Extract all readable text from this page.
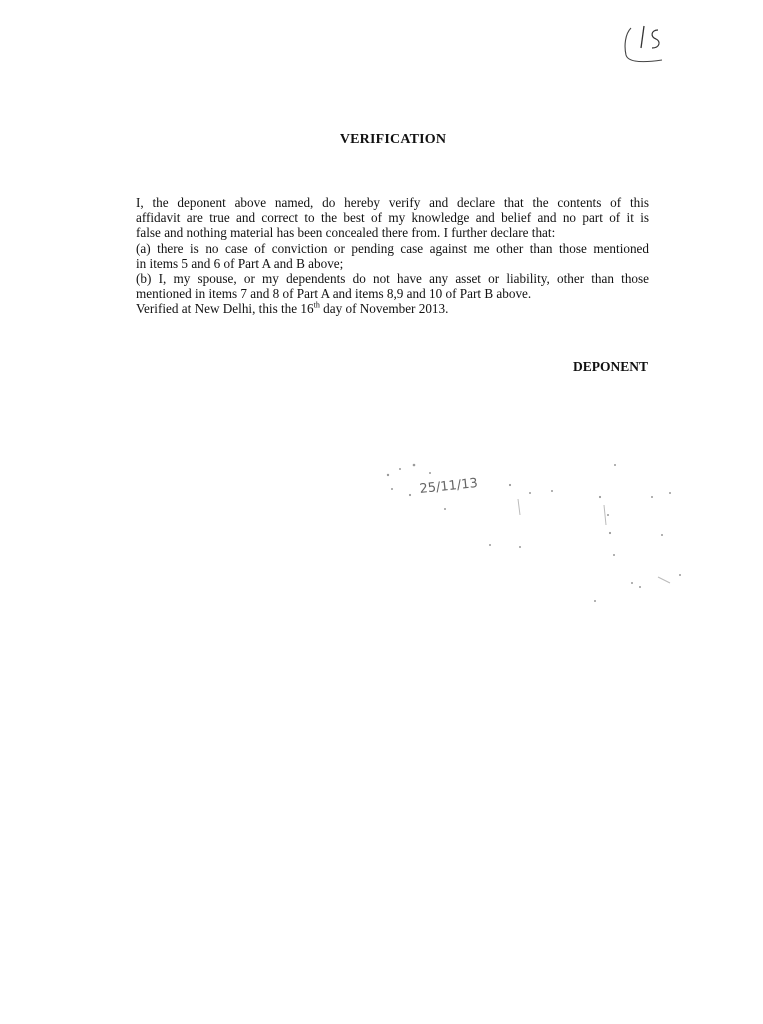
VERIFICATION

I, the deponent above named, do hereby verify and declare that the contents of this

affidavit are true and correct to the best of my knowledge and belief and no part of it is

false and nothing material has been concealed there from. I further declare that:

(a) there is no case of conviction or pending case against me other than those mentioned

in items 5 and 6 of Part A and B above;

(b) I, my spouse, or my dependents do not have any asset or liability, other than those

mentioned in items 7 and 8 of Part A and items 8,9 and 10 of Part B above.

Verified at New Delhi, this the 16th day of November 2013.

DEPONENT
25/11/13
